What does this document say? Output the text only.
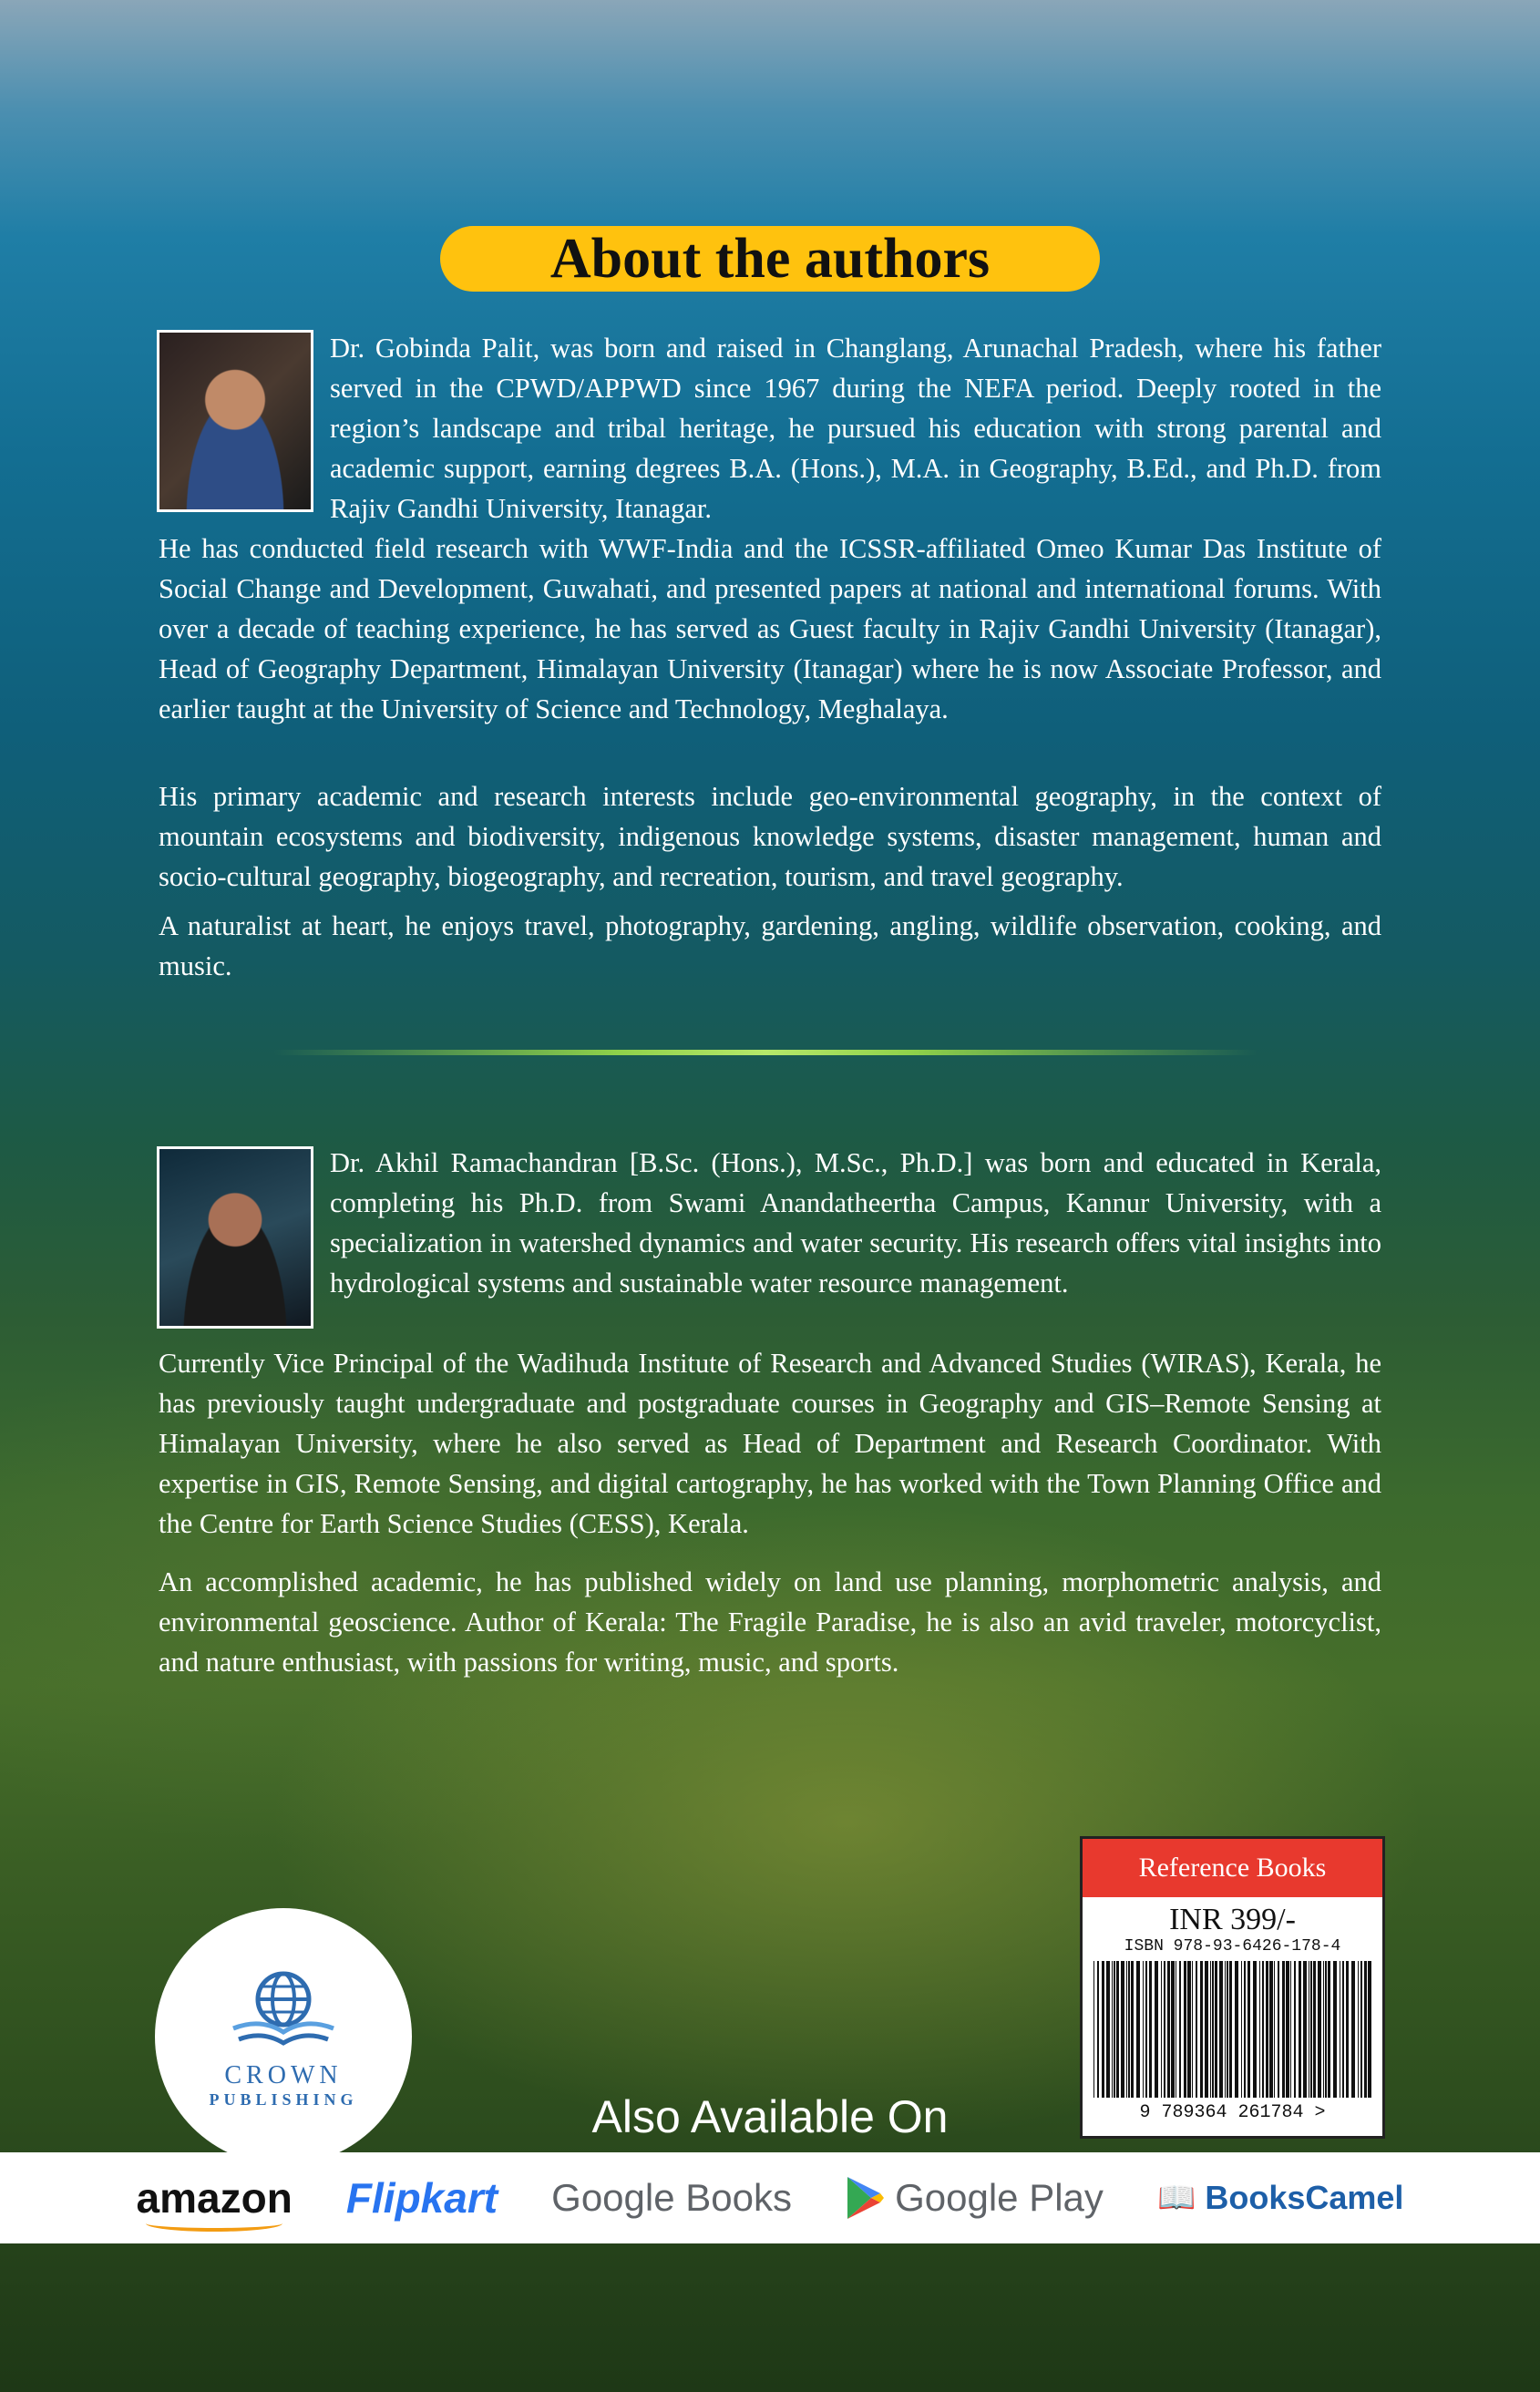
About the authors

Dr. Gobinda Palit, was born and raised in Changlang, Arunachal Pradesh, where his father served in the CPWD/APPWD since 1967 during the NEFA period. Deeply rooted in the region’s landscape and tribal heritage, he pursued his education with strong parental and academic support, earning degrees B.A. (Hons.), M.A. in Geography, B.Ed., and Ph.D. from Rajiv Gandhi University, Itanagar.

He has conducted field research with WWF-India and the ICSSR-affiliated Omeo Kumar Das Institute of Social Change and Development, Guwahati, and presented papers at national and international forums. With over a decade of teaching experience, he has served as Guest faculty in Rajiv Gandhi University (Itanagar), Head of Geography Department, Himalayan University (Itanagar) where he is now Associate Professor, and earlier taught at the University of Science and Technology, Meghalaya.

His primary academic and research interests include geo-environmental geography, in the context of mountain ecosystems and biodiversity, indigenous knowledge systems, disaster management, human and socio-cultural geography, biogeography, and recreation, tourism, and travel geography.

A naturalist at heart, he enjoys travel, photography, gardening, angling, wildlife observation, cooking, and music.

Dr. Akhil Ramachandran [B.Sc. (Hons.), M.Sc., Ph.D.] was born and educated in Kerala, completing his Ph.D. from Swami Anandatheertha Campus, Kannur University, with a specialization in watershed dynamics and water security. His research offers vital insights into hydrological systems and sustainable water resource management.

Currently Vice Principal of the Wadihuda Institute of Research and Advanced Studies (WIRAS), Kerala, he has previously taught undergraduate and postgraduate courses in Geography and GIS–Remote Sensing at Himalayan University, where he also served as Head of Department and Research Coordinator. With expertise in GIS, Remote Sensing, and digital cartography, he has worked with the Town Planning Office and the Centre for Earth Science Studies (CESS), Kerala.

An accomplished academic, he has published widely on land use planning, morphometric analysis, and environmental geoscience. Author of Kerala: The Fragile Paradise, he is also an avid traveler, motorcyclist, and nature enthusiast, with passions for writing, music, and sports.

CROWN
PUBLISHING
Reference Books
INR 399/-
ISBN 978-93-6426-178-4
9 789364 261784 >
Also Available On
amazon Flipkart Google Books	Google Play 📖 BooksCamel
